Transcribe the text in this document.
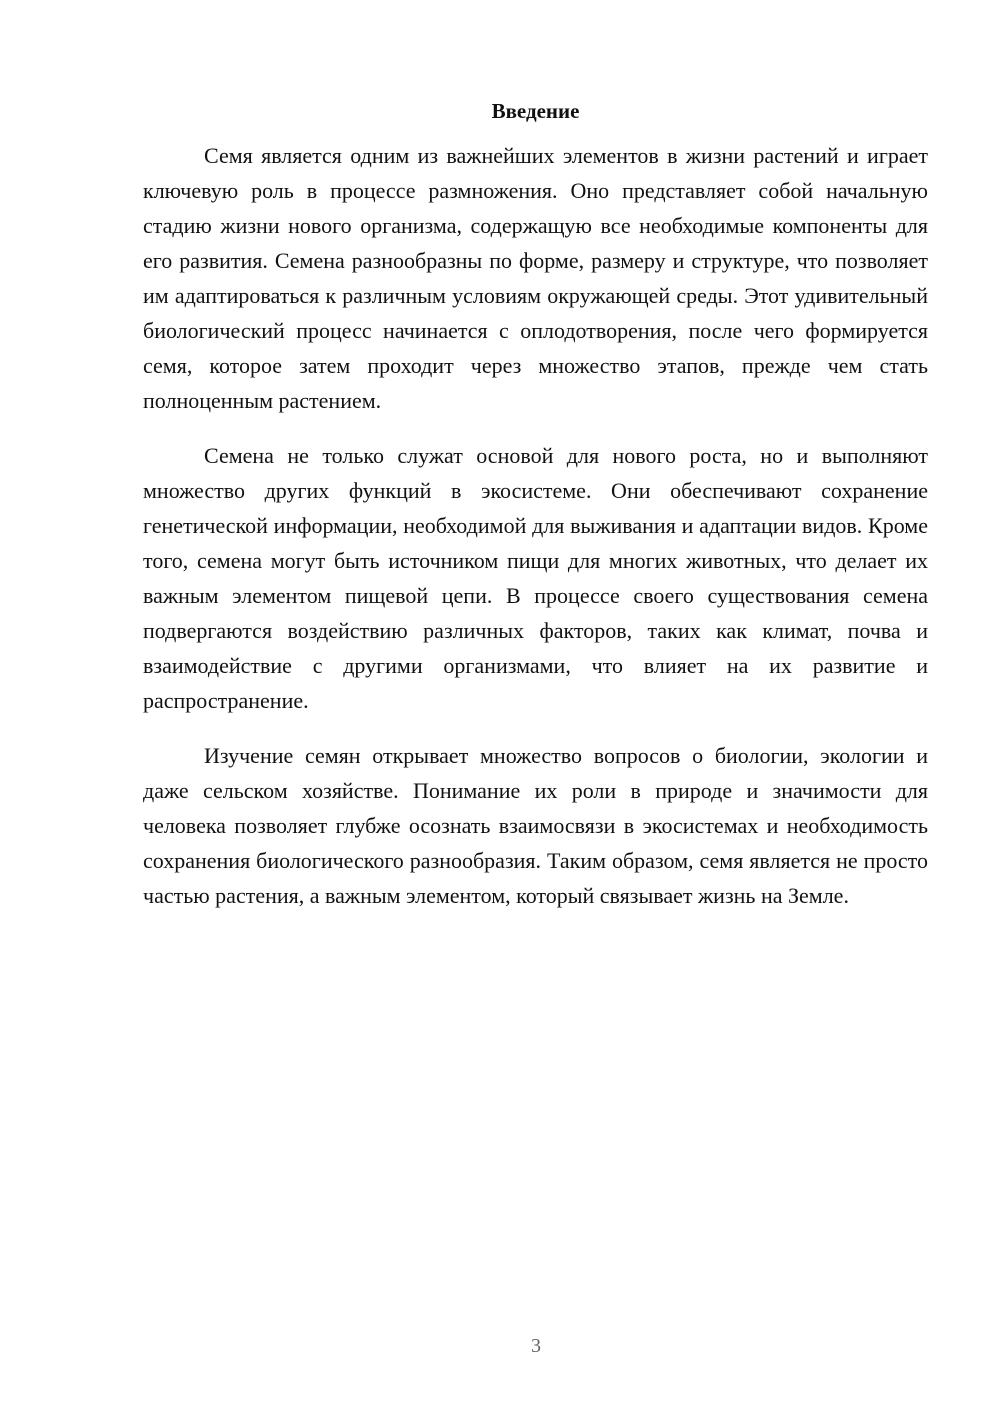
Введение

Семя является одним из важнейших элементов в жизни растений и играет ключевую роль в процессе размножения. Оно представляет собой начальную стадию жизни нового организма, содержащую все необходимые компоненты для его развития. Семена разнообразны по форме, размеру и структуре, что позволяет им адаптироваться к различным условиям окружающей среды. Этот удивительный биологический процесс начинается с оплодотворения, после чего формируется семя, которое затем проходит через множество этапов, прежде чем стать полноценным растением.

Семена не только служат основой для нового роста, но и выполняют множество других функций в экосистеме. Они обеспечивают сохранение генетической информации, необходимой для выживания и адаптации видов. Кроме того, семена могут быть источником пищи для многих животных, что делает их важным элементом пищевой цепи. В процессе своего существования семена подвергаются воздействию различных факторов, таких как климат, почва и взаимодействие с другими организмами, что влияет на их развитие и распространение.

Изучение семян открывает множество вопросов о биологии, экологии и даже сельском хозяйстве. Понимание их роли в природе и значимости для человека позволяет глубже осознать взаимосвязи в экосистемах и необходимость сохранения биологического разнообразия. Таким образом, семя является не просто частью растения, а важным элементом, который связывает жизнь на Земле.

3
